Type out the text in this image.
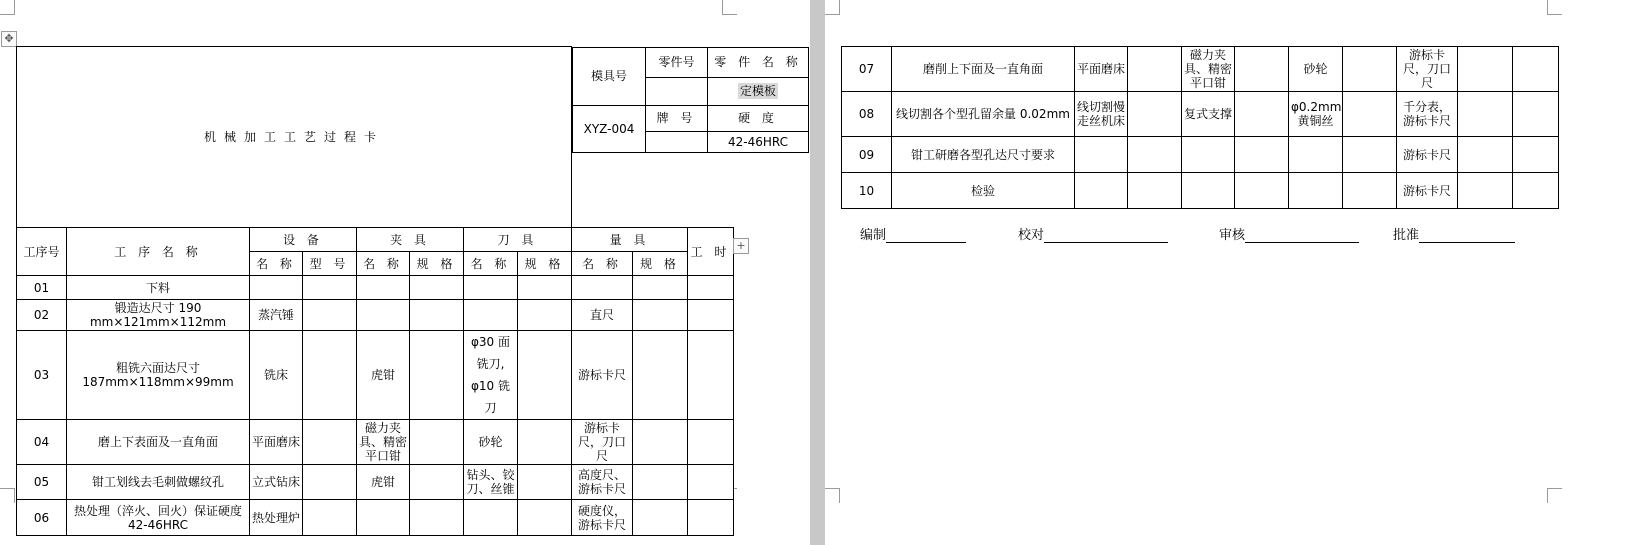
✥
机械加工工艺过程卡	
模具号	零件号	零 件 名 称
	定模板
XYZ-004	牌 号	硬 度
	42-46HRC

工序号	工 序 名 称	设 备	夹 具	刀 具	量 具	工 时
名 称	型 号	名 称	规 格	名 称	规 格	名 称	规 格
01	下料									
02	锻造达尺寸 190 mm×121mm×112mm	蒸汽锤						直尺		
03	粗铣六面达尺寸 187mm×118mm×99mm	铣床		虎钳		φ30 面铣刀, φ10 铣刀		游标卡尺		
04	磨上下表面及一直角面	平面磨床		磁力夹具、精密平口钳		砂轮		游标卡尺，刀口尺		
05	钳工划线去毛刺做螺纹孔	立式钻床		虎钳		钻头、铰刀、丝锥		高度尺、游标卡尺		
06	热处理（淬火、回火）保证硬度 42-46HRC	热处理炉						硬度仪，游标卡尺		
07	磨削上下面及一直角面	平面磨床		磁力夹具、精密平口钳		砂轮		游标卡尺，刀口尺		
08	线切割各个型孔留余量 0.02mm	线切割慢走丝机床		复式支撑		φ0.2mm 黄铜丝		千分表，游标卡尺		
09	钳工研磨各型孔达尺寸要求							游标卡尺		
10	检验							游标卡尺		
+
编制	校对	审核	批准
